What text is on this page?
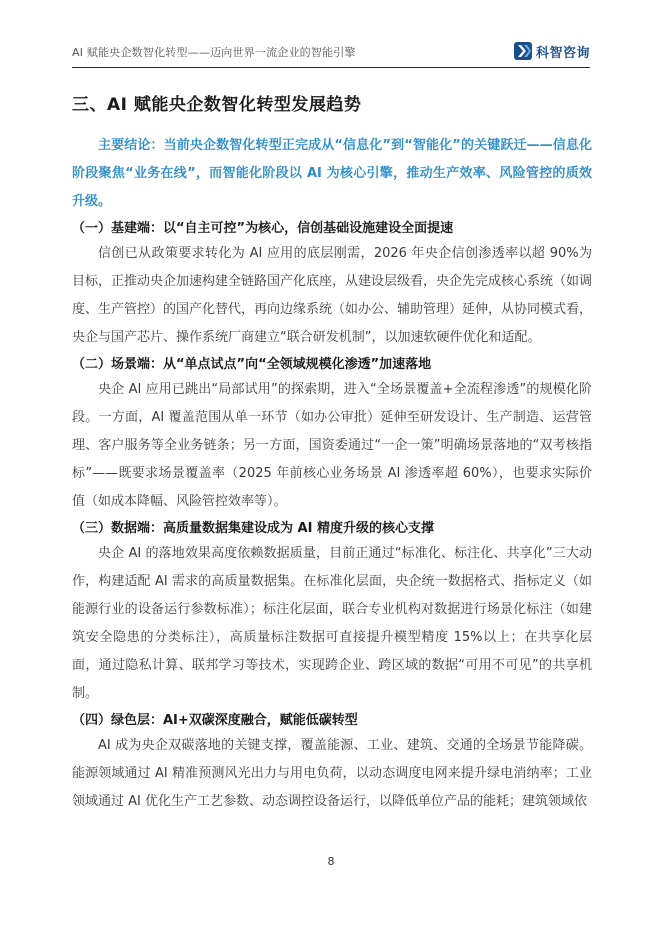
AI 赋能央企数智化转型——迈向世界一流企业的智能引擎	科智咨询
三、AI 赋能央企数智化转型发展趋势

主要结论：当前央企数智化转型正完成从“信息化”到“智能化”的关键跃迁——信息化阶段聚焦“业务在线”，而智能化阶段以 AI 为核心引擎，推动生产效率、风险管控的质效升级。

（一）基建端：以“自主可控”为核心，信创基础设施建设全面提速

信创已从政策要求转化为 AI 应用的底层刚需，2026 年央企信创渗透率以超 90%为目标，正推动央企加速构建全链路国产化底座，从建设层级看，央企先完成核心系统（如调度、生产管控）的国产化替代，再向边缘系统（如办公、辅助管理）延伸，从协同模式看，央企与国产芯片、操作系统厂商建立“联合研发机制”，以加速软硬件优化和适配。

（二）场景端：从“单点试点”向“全领域规模化渗透”加速落地

央企 AI 应用已跳出“局部试用”的探索期，进入“全场景覆盖+全流程渗透”的规模化阶段。一方面，AI 覆盖范围从单一环节（如办公审批）延伸至研发设计、生产制造、运营管理、客户服务等全业务链条；另一方面，国资委通过“一企一策”明确场景落地的“双考核指标”——既要求场景覆盖率（2025 年前核心业务场景 AI 渗透率超 60%），也要求实际价值（如成本降幅、风险管控效率等）。

（三）数据端：高质量数据集建设成为 AI 精度升级的核心支撑

央企 AI 的落地效果高度依赖数据质量，目前正通过“标准化、标注化、共享化”三大动作，构建适配 AI 需求的高质量数据集。在标准化层面，央企统一数据格式、指标定义（如能源行业的设备运行参数标准）；标注化层面，联合专业机构对数据进行场景化标注（如建筑安全隐患的分类标注），高质量标注数据可直接提升模型精度 15%以上；在共享化层面，通过隐私计算、联邦学习等技术，实现跨企业、跨区域的数据“可用不可见”的共享机制。

（四）绿色层：AI+双碳深度融合，赋能低碳转型

AI 成为央企双碳落地的关键支撑，覆盖能源、工业、建筑、交通的全场景节能降碳。能源领域通过 AI 精准预测风光出力与用电负荷，以动态调度电网来提升绿电消纳率；工业领域通过 AI 优化生产工艺参数、动态调控设备运行，以降低单位产品的能耗；建筑领域依

8
